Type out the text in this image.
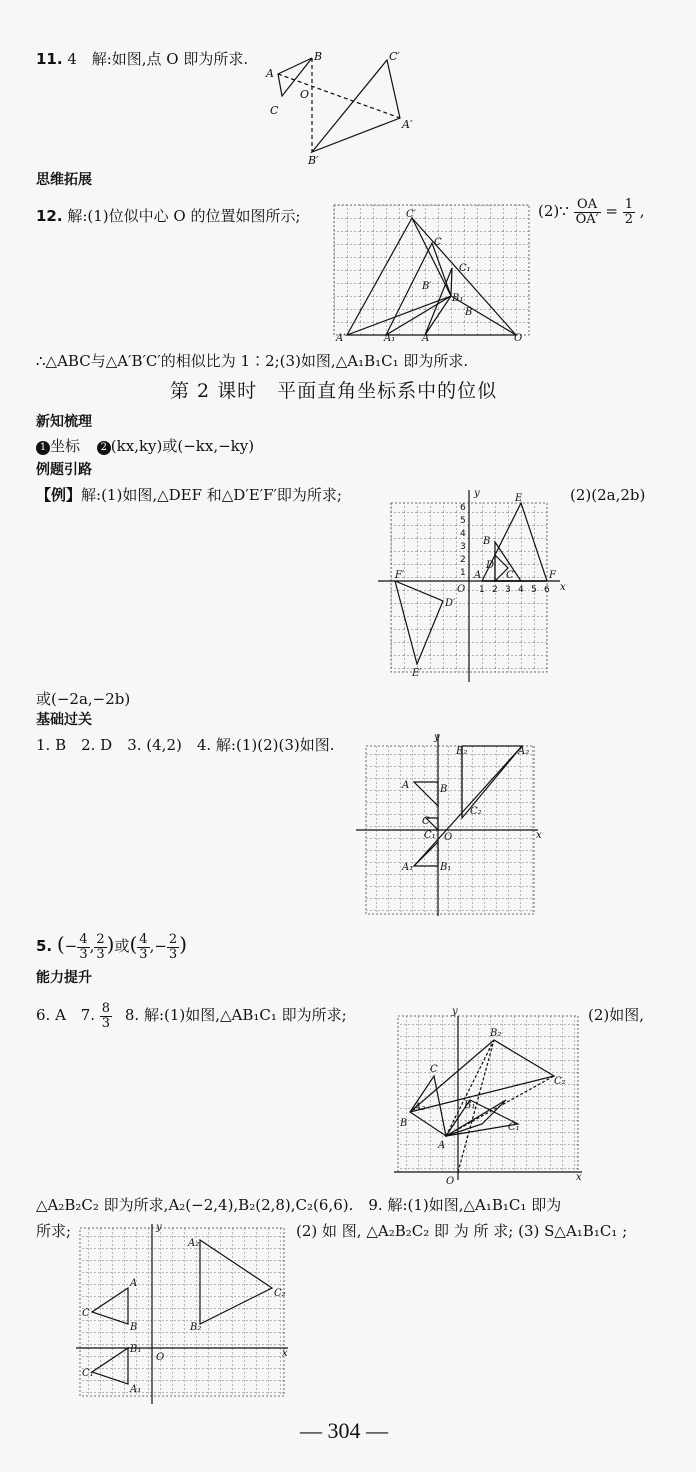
11. 4 解:如图,点 O 即为所求.
A
B
C
O
C′
A′
B′
思维拓展
12. 解:(1)位似中心 O 的位置如图所示;	(2)∵ $\frac{OA}{OA'} = \frac{1}{2}$ ,
C′
C
C₁
B′
B₁
B
A′	A₁	A	O
∴△ABC与△A′B′C′的相似比为 1∶2;(3)如图,△A₁B₁C₁ 即为所求.
第 2 课时　平面直角坐标系中的位似
新知梳理
1 坐标 2 (kx,ky)或(−kx,−ky)
例题引路
【例】解:(1)如图,△DEF 和△D′E′F′即为所求;	(2)(2a,2b)
y
x
O
E
F
F′
D′
E′
B
D
A C
6
5
4
3
2
1
1 2 3 4 5 6
或(−2a,−2b)
基础过关
1. B　2. D　3. (4,2)　4. 解:(1)(2)(3)如图.	y
x
O
B₂	A₂
A	B
C
C₁
C₂
A₁	B₁
5. (− $\frac{4}{3}$ , $\frac{2}{3}$ )或( $\frac{4}{3}$ ,− $\frac{2}{3}$ )
能力提升
6. A 7. $\frac{8}{3} 8$. 解:(1)如图,△AB₁C₁ 即为所求;	(2)如图,
y
x
O
B₂
C₂
C
A₂
B
B₁
A
C₁
△A₂B₂C₂ 即为所求,A₂(−2,4),B₂(2,8),C₂(6,6).　9. 解:(1)如图,△A₁B₁C₁ 即为
所求;	(2) 如 图, △A₂B₂C₂ 即 为 所 求; (3) S△A₁B₁C₁ ;
y
x
O
A₂
C₂
B₂
A
C
B
B₁
C₁
A₁
— 304 —
